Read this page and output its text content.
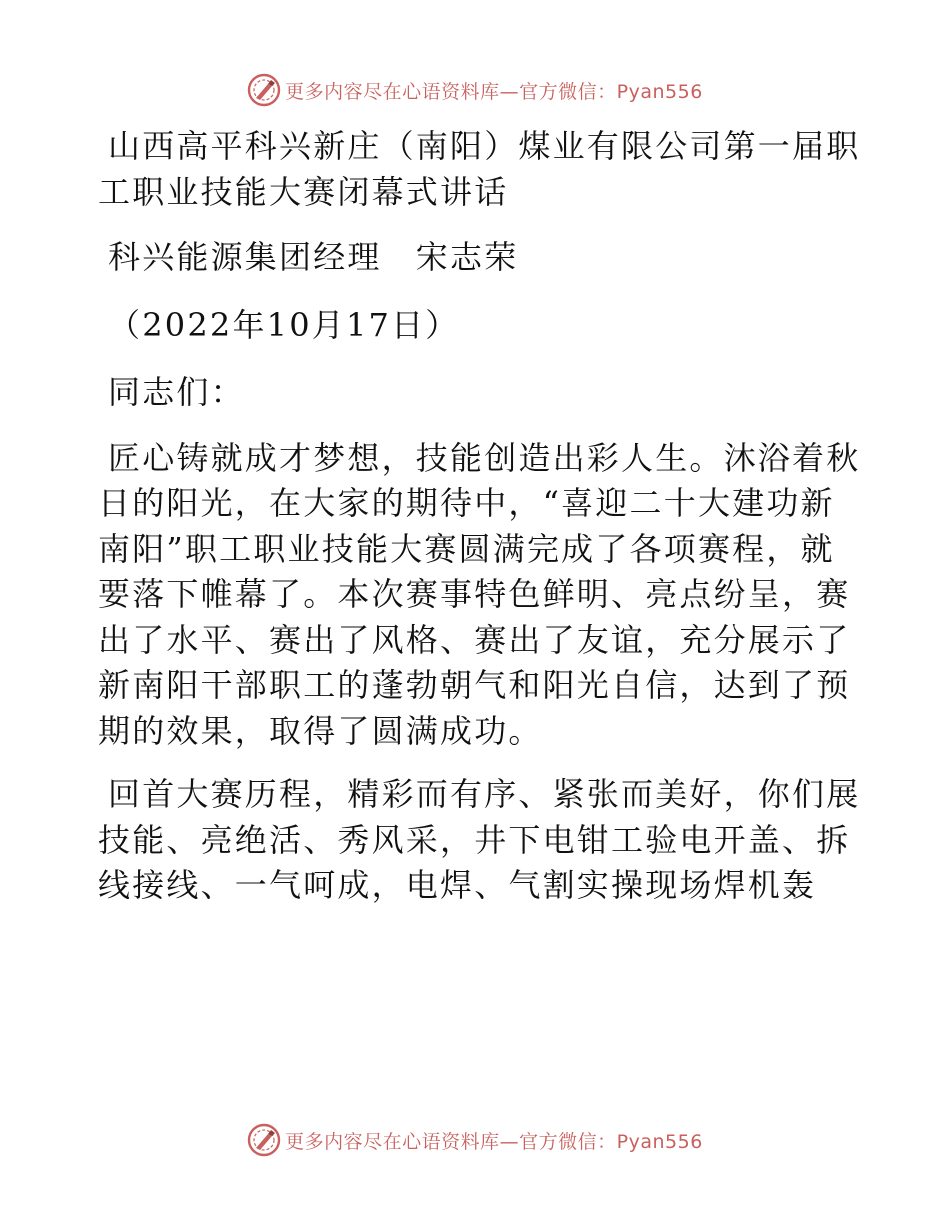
更多内容尽在心语资料库—官方微信：Pyan556

山西高平科兴新庄（南阳）煤业有限公司第一届职工职业技能大赛闭幕式讲话

科兴能源集团经理　宋志荣

（2022年10月17日）

同志们：

匠心铸就成才梦想，技能创造出彩人生。沐浴着秋日的阳光，在大家的期待中，“喜迎二十大建功新南阳”职工职业技能大赛圆满完成了各项赛程，就要落下帷幕了。本次赛事特色鲜明、亮点纷呈，赛出了水平、赛出了风格、赛出了友谊，充分展示了新南阳干部职工的蓬勃朝气和阳光自信，达到了预期的效果，取得了圆满成功。

回首大赛历程，精彩而有序、紧张而美好，你们展技能、亮绝活、秀风采，井下电钳工验电开盖、拆线接线、一气呵成，电焊、气割实操现场焊机轰

更多内容尽在心语资料库—官方微信：Pyan556
